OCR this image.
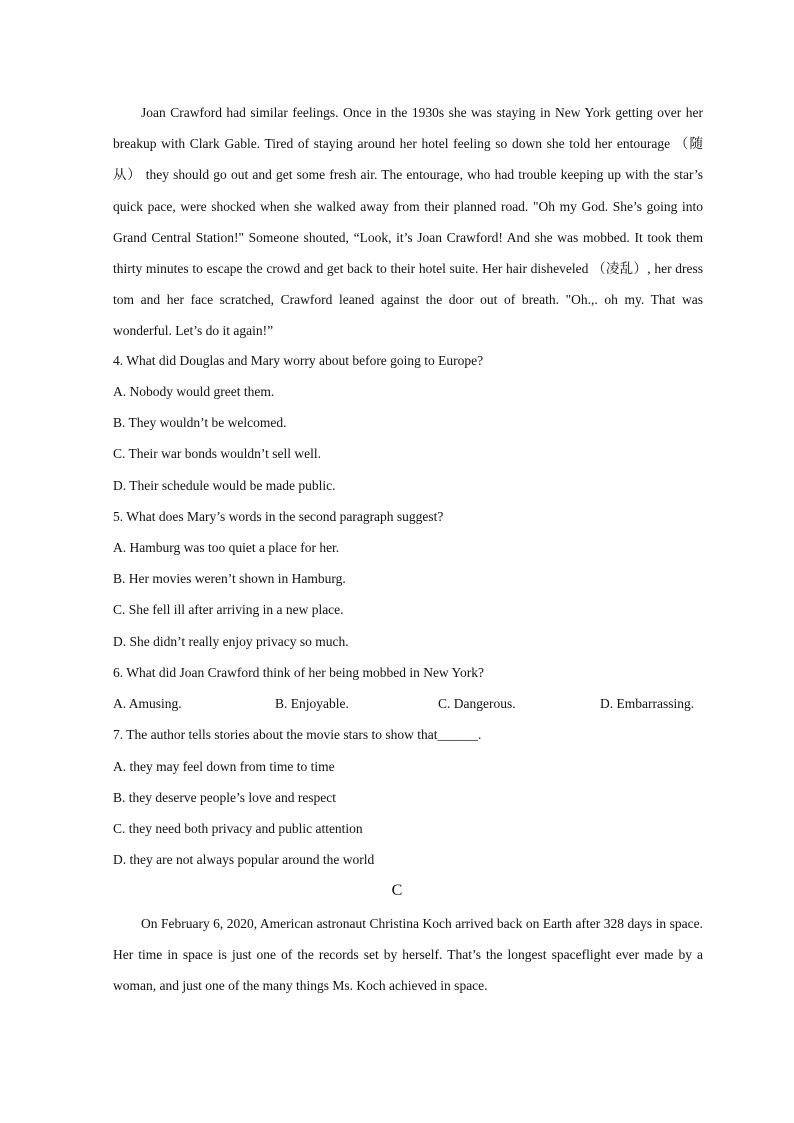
Joan Crawford had similar feelings. Once in the 1930s she was staying in New York getting over her breakup with Clark Gable. Tired of staying around her hotel feeling so down she told her entourage （随从） they should go out and get some fresh air. The entourage, who had trouble keeping up with the star’s quick pace, were shocked when she walked away from their planned road. "Oh my God. She’s going into Grand Central Station!" Someone shouted, “Look, it’s Joan Crawford! And she was mobbed. It took them thirty minutes to escape the crowd and get back to their hotel suite. Her hair disheveled （凌乱）, her dress tom and her face scratched, Crawford leaned against the door out of breath. "Oh.,. oh my. That was wonderful. Let’s do it again!”

4. What did Douglas and Mary worry about before going to Europe?
A. Nobody would greet them.
B. They wouldn’t be welcomed.
C. Their war bonds wouldn’t sell well.
D. Their schedule would be made public.
5. What does Mary’s words in the second paragraph suggest?
A. Hamburg was too quiet a place for her.
B. Her movies weren’t shown in Hamburg.
C. She fell ill after arriving in a new place.
D. She didn’t really enjoy privacy so much.
6. What did Joan Crawford think of her being mobbed in New York?
A. Amusing.	B. Enjoyable.	C. Dangerous.	D. Embarrassing.
7. The author tells stories about the movie stars to show that______.
A. they may feel down from time to time
B. they deserve people’s love and respect
C. they need both privacy and public attention
D. they are not always popular around the world
C

On February 6, 2020, American astronaut Christina Koch arrived back on Earth after 328 days in space. Her time in space is just one of the records set by herself. That’s the longest spaceflight ever made by a woman, and just one of the many things Ms. Koch achieved in space.
